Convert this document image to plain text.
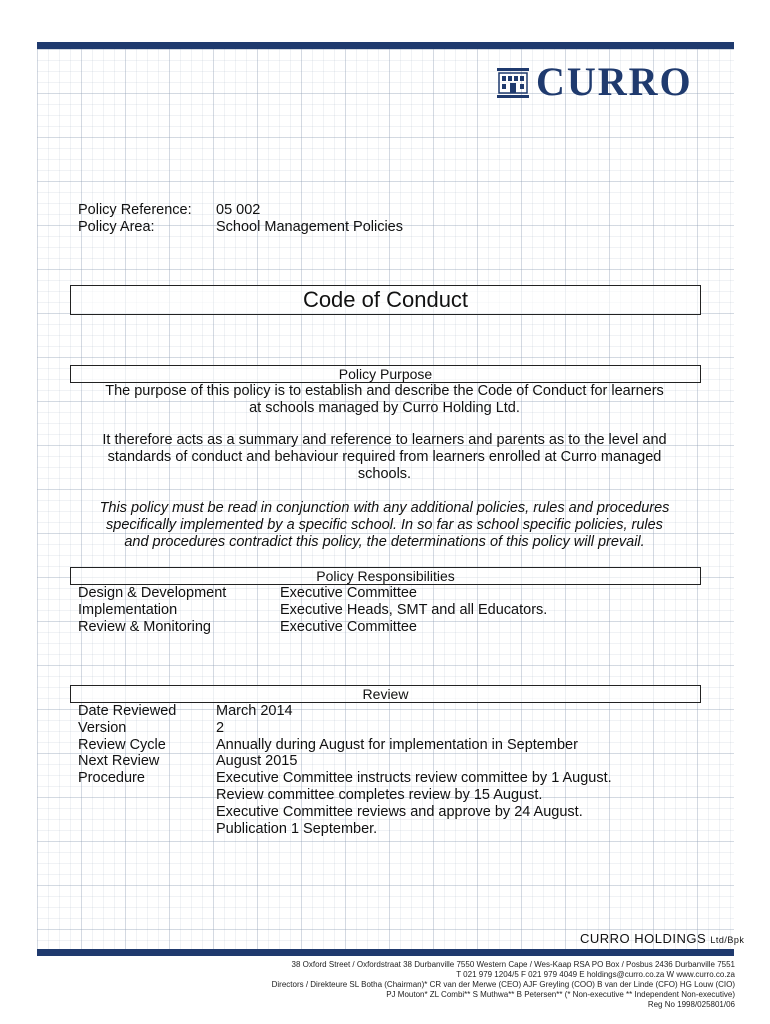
CURRO
Policy Reference: 05 002
Policy Area:	School Management Policies
Code of Conduct
Policy Purpose

The purpose of this policy is to establish and describe the Code of Conduct for learners
at schools managed by Curro Holding Ltd.

It therefore acts as a summary and reference to learners and parents as to the level and
standards of conduct and behaviour required from learners enrolled at Curro managed
schools.

This policy must be read in conjunction with any additional policies, rules and procedures
specifically implemented by a specific school. In so far as school specific policies, rules
and procedures contradict this policy, the determinations of this policy will prevail.

Policy Responsibilities
Design & Development	Executive Committee
Implementation	Executive Heads, SMT and all Educators.
Review & Monitoring	Executive Committee
Review
Date Reviewed	March 2014
Version	2
Review Cycle	Annually during August for implementation in September
Next Review	August 2015
Procedure	Executive Committee instructs review committee by 1 August.
Review committee completes review by 15 August.
Executive Committee reviews and approve by 24 August.
Publication 1 September.
CURRO HOLDINGS Ltd/Bpk
38 Oxford Street / Oxfordstraat 38 Durbanville 7550 Western Cape / Wes-Kaap RSA PO Box / Posbus 2436 Durbanville 7551
T 021 979 1204/5 F 021 979 4049 E holdings@curro.co.za W www.curro.co.za
Directors / Direkteure SL Botha (Chairman)* CR van der Merwe (CEO) AJF Greyling (COO) B van der Linde (CFO) HG Louw (CIO)
PJ Mouton* ZL Combi** S Muthwa** B Petersen** (* Non-executive ** Independent Non-executive)
Reg No 1998/025801/06
